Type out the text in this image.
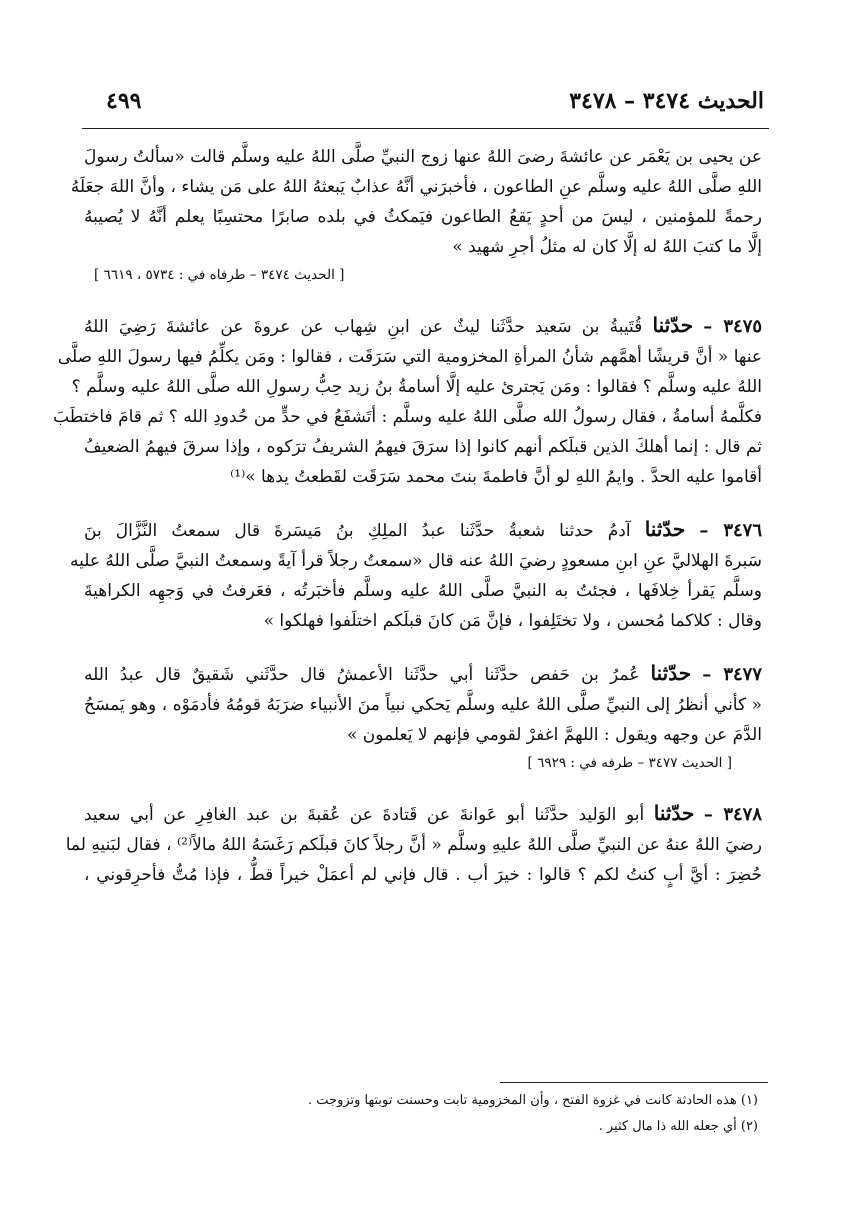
الحديث ٣٤٧٤ – ٣٤٧٨
٤٩٩
عن يحيى بن يَعْمَر عن عائشةَ رضىَ اللهُ عنها زوج النبيِّ صلَّى اللهُ عليه وسلَّم قالت «سألتُ رسولَ
اللهِ صلَّى اللهُ عليه وسلَّم عنِ الطاعون ، فأخبرَني أنَّهُ عذابٌ يَبعثهُ اللهُ على مَن يشاء ، وأنَّ اللهَ جعَلَهُ
رحمةً للمؤمنين ، ليسَ من أحدٍ يَقعُ الطاعون فيَمكثُ في بلده صابرًا محتسِبًا يعلم أنَّهُ لا يُصيبهُ
إلَّا ما كتبَ اللهُ له إلَّا كان له مثلُ أجرِ شهيد »
[ الحديث ٣٤٧٤ – طرفاه في : ٥٧٣٤ ، ٦٦١٩ ]
٣٤٧٥ – حدّثنا قُتَيبةُ بن سَعيد حدَّثَنا ليثٌ عن ابنِ شِهاب عن عروةَ عن عائشةَ رَضِيَ اللهُ
عنها « أنَّ قريشًا أهمَّهم شأنُ المرأةِ المخزومية التي سَرَقَت ، فقالوا : ومَن يكلِّمُ فيها رسولَ اللهِ صلَّى
اللهُ عليه وسلَّم ؟ فقالوا : ومَن يَجترئ عليه إلَّا أسامةُ بنُ زيد حِبُّ رسولِ الله صلَّى اللهُ عليه وسلَّم ؟
فكلَّمهُ أسامةُ ، فقال رسولُ الله صلَّى اللهُ عليه وسلَّم : أتَشفَعُ في حدٍّ من حُدودِ الله ؟ ثم قامَ فاختطَبَ
ثم قال : إنما أهلكَ الذين قبلَكم أنهم كانوا إذا سرَقَ فيهمُ الشريفُ ترَكوه ، وإذا سرقَ فيهمُ الضعيفُ
أقاموا عليه الحدَّ . وايمُ اللهِ لو أنَّ فاطمةَ بنتَ محمد سَرَقَت لقَطعتُ يدها »⁽¹⁾
٣٤٧٦ – حدّثنا آدمُ حدثنا شعبةُ حدَّثَنا عبدُ الملِكِ بنُ مَيسَرةَ قال سمعتُ النَّزَّالَ بنَ
سَبرةَ الهلاليَّ عنِ ابنِ مسعودٍ رضيَ اللهُ عنه قال «سمعتُ رجلاً قرأ آيةً وسمعتُ النبيَّ صلَّى اللهُ عليه
وسلَّم يَقرأ خِلافَها ، فجئتُ به النبيَّ صلَّى اللهُ عليه وسلَّم فأخبَرتُه ، فعَرفتُ في وَجهِه الكراهيةَ
وقال : كلاكما مُحسن ، ولا تختَلِفوا ، فإنَّ مَن كانَ قبلَكم اختلَفوا فهلكوا »
٣٤٧٧ – حدّثنا عُمرُ بن حَفص حدَّثَنا أبي حدَّثَنا الأعمشُ قال حدَّثَني شَقيقٌ قال عبدُ الله
« كأني أنظرُ إلى النبيِّ صلَّى اللهُ عليه وسلَّم يَحكي نبياً منَ الأنبياء ضرَبَهُ قومُهُ فأدمَوْه ، وهو يَمسَحُ
الدَّمَ عن وجهه ويقول : اللهمَّ اغفرْ لقومي فإنهم لا يَعلمون »
[ الحديث ٣٤٧٧ – طرفه في : ٦٩٢٩ ]
٣٤٧٨ – حدّثنا أبو الوَليد حدَّثَنا أبو عَوانةَ عن قَتادةَ عن عُقبةَ بن عبد الغافِرِ عن أبي سعيد
رضيَ اللهُ عنهُ عن النبيِّ صلَّى اللهُ عليهِ وسلَّم « أنَّ رجلاً كانَ قبلَكم رَغَسَهُ اللهُ مالاً⁽²⁾ ، فقال لبَنيهِ لما
حُضِرَ : أيَّ أبٍ كنتُ لكم ؟ قالوا : خيرَ أب . قال فإني لم أعمَلْ خيراً قطُّ ، فإذا مُتُّ فأحرِقوني ،
(١) هذه الحادثة كانت في غزوة الفتح ، وأن المخزومية تابت وحسنت توبتها وتزوجت .
(٢) أي جعله الله ذا مال كثير .
